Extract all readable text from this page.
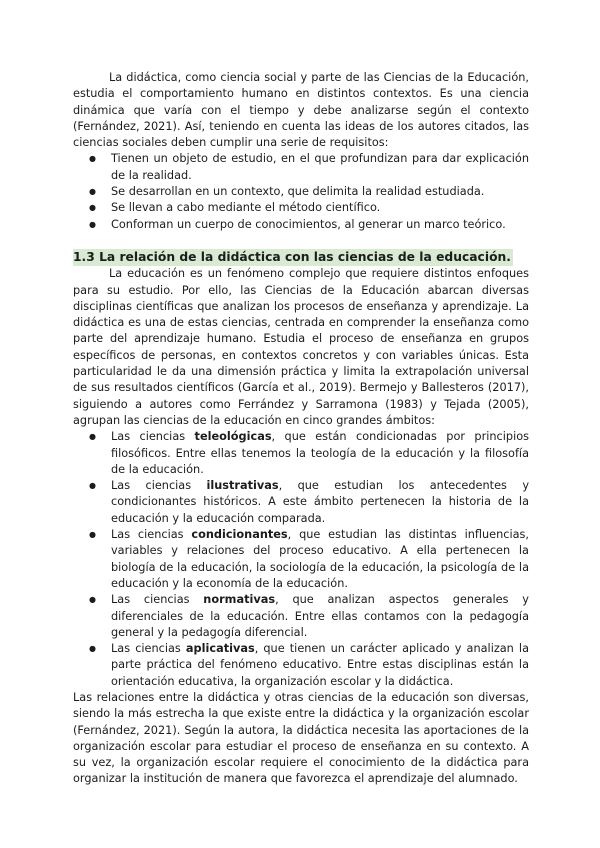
La didáctica, como ciencia social y parte de las Ciencias de la Educación, estudia el comportamiento humano en distintos contextos. Es una ciencia dinámica que varía con el tiempo y debe analizarse según el contexto (Fernández, 2021). Así, teniendo en cuenta las ideas de los autores citados, las ciencias sociales deben cumplir una serie de requisitos:

● Tienen un objeto de estudio, en el que profundizan para dar explicación de la realidad.
● Se desarrollan en un contexto, que delimita la realidad estudiada.
● Se llevan a cabo mediante el método científico.
● Conforman un cuerpo de conocimientos, al generar un marco teórico.
1.3 La relación de la didáctica con las ciencias de la educación.

La educación es un fenómeno complejo que requiere distintos enfoques para su estudio. Por ello, las Ciencias de la Educación abarcan diversas disciplinas científicas que analizan los procesos de enseñanza y aprendizaje. La didáctica es una de estas ciencias, centrada en comprender la enseñanza como parte del aprendizaje humano. Estudia el proceso de enseñanza en grupos específicos de personas, en contextos concretos y con variables únicas. Esta particularidad le da una dimensión práctica y limita la extrapolación universal de sus resultados científicos (García et al., 2019). Bermejo y Ballesteros (2017), siguiendo a autores como Ferrández y Sarramona (1983) y Tejada (2005), agrupan las ciencias de la educación en cinco grandes ámbitos:

● Las ciencias teleológicas, que están condicionadas por principios filosóficos. Entre ellas tenemos la teología de la educación y la filosofía de la educación.
● Las ciencias ilustrativas, que estudian los antecedentes y condicionantes históricos. A este ámbito pertenecen la historia de la educación y la educación comparada.
● Las ciencias condicionantes, que estudian las distintas influencias, variables y relaciones del proceso educativo. A ella pertenecen la biología de la educación, la sociología de la educación, la psicología de la educación y la economía de la educación.
● Las ciencias normativas, que analizan aspectos generales y diferenciales de la educación. Entre ellas contamos con la pedagogía general y la pedagogía diferencial.
● Las ciencias aplicativas, que tienen un carácter aplicado y analizan la parte práctica del fenómeno educativo. Entre estas disciplinas están la orientación educativa, la organización escolar y la didáctica.

Las relaciones entre la didáctica y otras ciencias de la educación son diversas, siendo la más estrecha la que existe entre la didáctica y la organización escolar (Fernández, 2021). Según la autora, la didáctica necesita las aportaciones de la organización escolar para estudiar el proceso de enseñanza en su contexto. A su vez, la organización escolar requiere el conocimiento de la didáctica para organizar la institución de manera que favorezca el aprendizaje del alumnado.
